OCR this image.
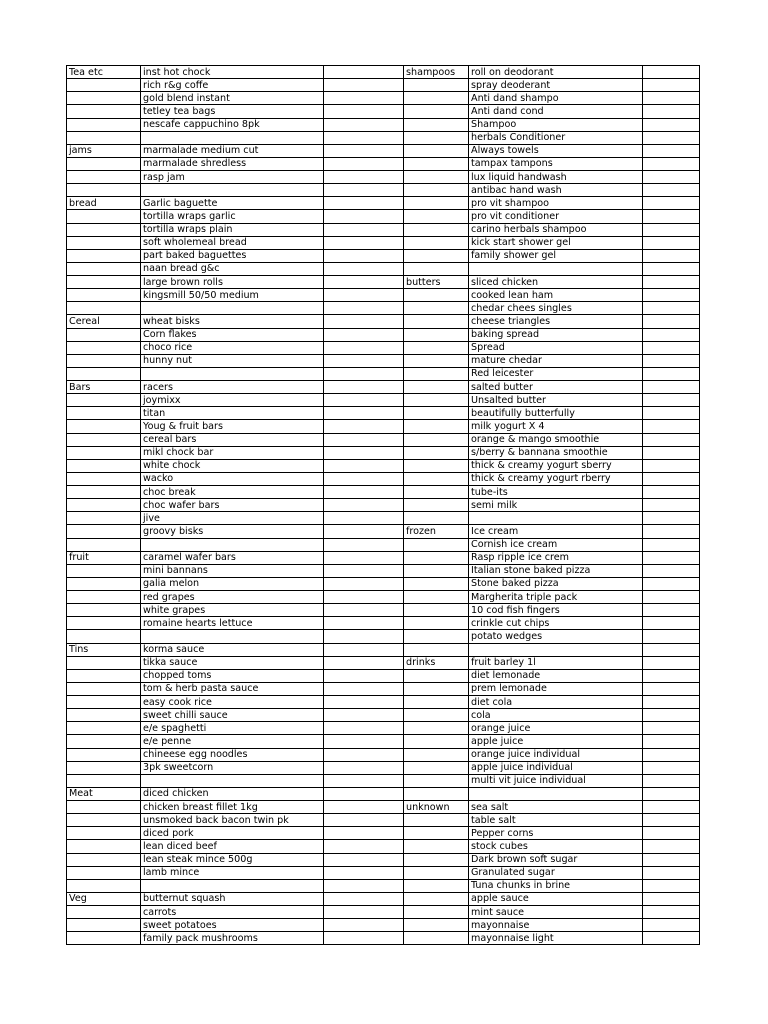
Tea etc	inst hot chock		shampoos	roll on deodorant	
	rich r&g coffe			spray deoderant	
	gold blend instant			Anti dand shampo	
	tetley tea bags			Anti dand cond	
	nescafe cappuchino 8pk			Shampoo	
				herbals Conditioner	
jams	marmalade medium cut			Always towels	
	marmalade shredless			tampax tampons	
	rasp jam			lux liquid handwash	
				antibac hand wash	
bread	Garlic baguette			pro vit shampoo	
	tortilla wraps garlic			pro vit conditioner	
	tortilla wraps plain			carino herbals shampoo	
	soft wholemeal bread			kick start shower gel	
	part baked baguettes			family shower gel	
	naan bread g&c				
	large brown rolls		butters	sliced chicken	
	kingsmill 50/50 medium			cooked lean ham	
				chedar chees singles	
Cereal	wheat bisks			cheese triangles	
	Corn flakes			baking spread	
	choco rice			Spread	
	hunny nut			mature chedar	
				Red leicester	
Bars	racers			salted butter	
	joymixx			Unsalted butter	
	titan			beautifully butterfully	
	Youg & fruit bars			milk yogurt X 4	
	cereal bars			orange & mango smoothie	
	mikl chock bar			s/berry & bannana smoothie	
	white chock			thick & creamy yogurt sberry	
	wacko			thick & creamy yogurt rberry	
	choc break			tube-its	
	choc wafer bars			semi milk	
	jive				
	groovy bisks		frozen	Ice cream	
				Cornish ice cream	
fruit	caramel wafer bars			Rasp ripple ice crem	
	mini bannans			Italian stone baked pizza	
	galia melon			Stone baked pizza	
	red grapes			Margherita triple pack	
	white grapes			10 cod fish fingers	
	romaine hearts lettuce			crinkle cut chips	
				potato wedges	
Tins	korma sauce				
	tikka sauce		drinks	fruit barley 1l	
	chopped toms			diet lemonade	
	tom & herb pasta sauce			prem lemonade	
	easy cook rice			diet cola	
	sweet chilli sauce			cola	
	e/e spaghetti			orange juice	
	e/e penne			apple juice	
	chineese egg noodles			orange juice individual	
	3pk sweetcorn			apple juice individual	
				multi vit juice individual	
Meat	diced chicken				
	chicken breast fillet 1kg		unknown	sea salt	
	unsmoked back bacon twin pk			table salt	
	diced pork			Pepper corns	
	lean diced beef			stock cubes	
	lean steak mince 500g			Dark brown soft sugar	
	lamb mince			Granulated sugar	
				Tuna chunks in brine	
Veg	butternut squash			apple sauce	
	carrots			mint sauce	
	sweet potatoes			mayonnaise	
	family pack mushrooms			mayonnaise light	
